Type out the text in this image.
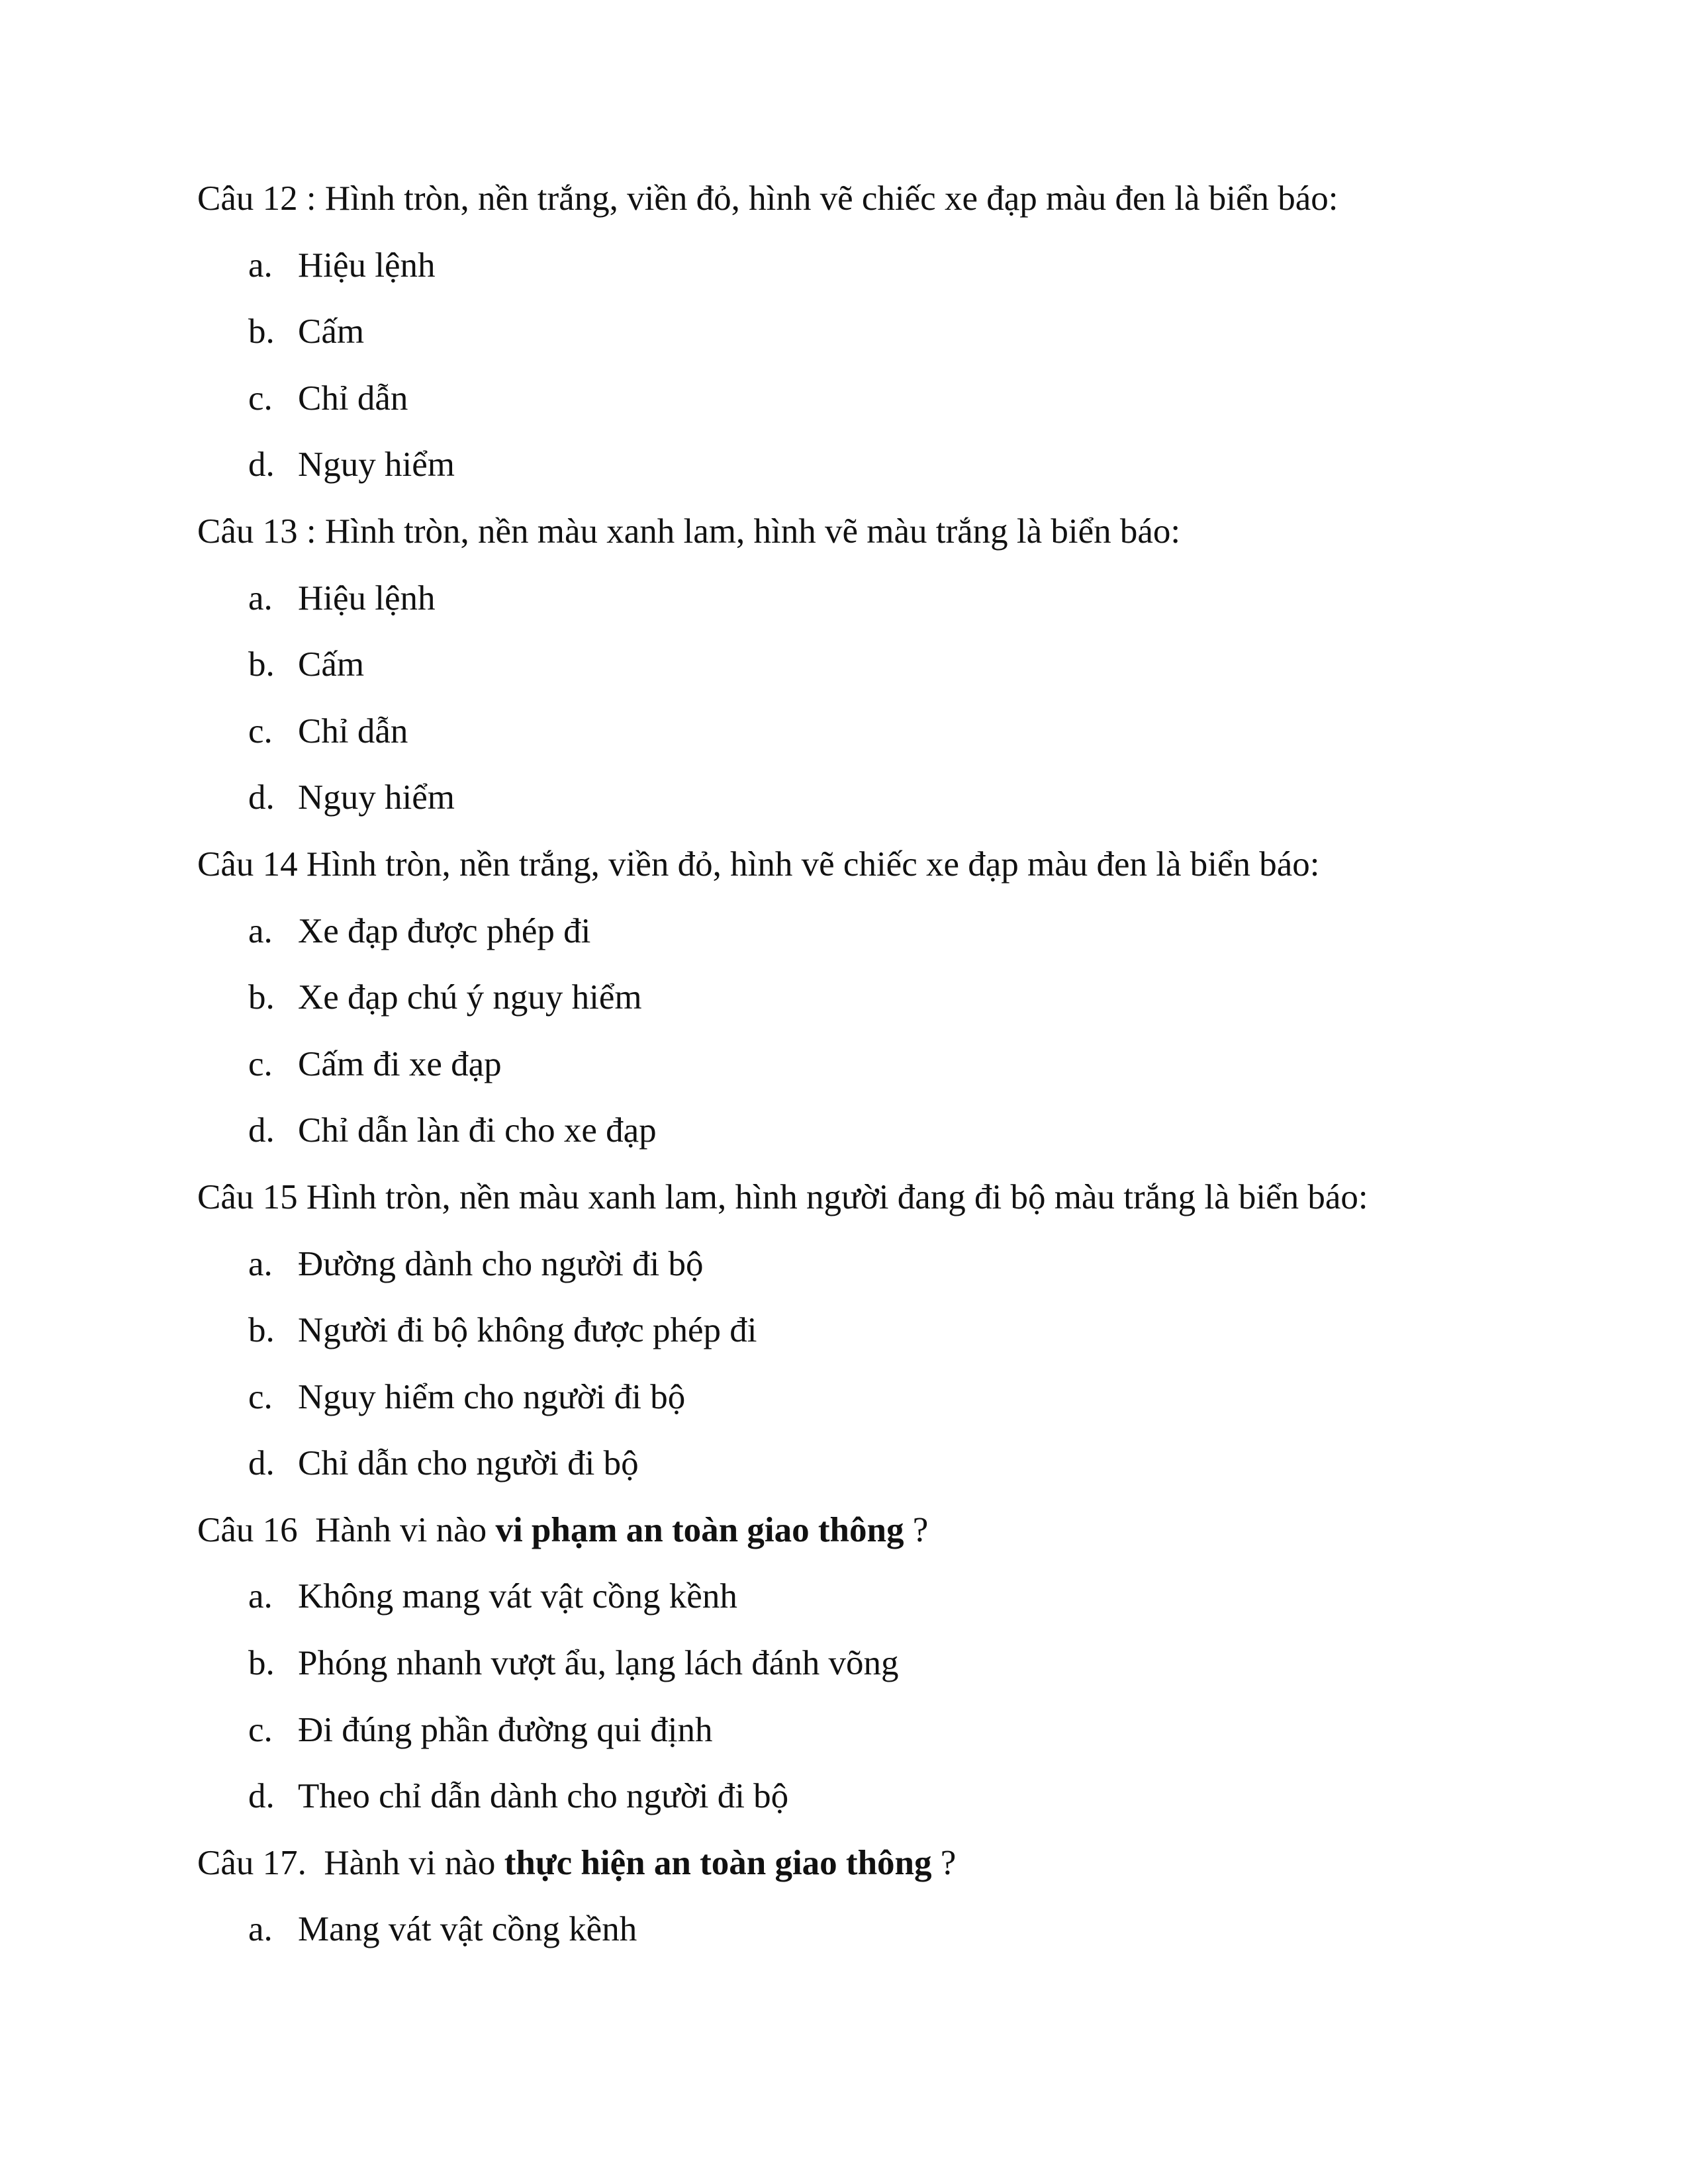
Câu 12 : Hình tròn, nền trắng, viền đỏ, hình vẽ chiếc xe đạp màu đen là biển báo:
a. Hiệu lệnh
b. Cấm
c. Chỉ dẫn
d. Nguy hiểm
Câu 13 : Hình tròn, nền màu xanh lam, hình vẽ màu trắng là biển báo:
a. Hiệu lệnh
b. Cấm
c. Chỉ dẫn
d. Nguy hiểm
Câu 14 Hình tròn, nền trắng, viền đỏ, hình vẽ chiếc xe đạp màu đen là biển báo:
a. Xe đạp được phép đi
b. Xe đạp chú ý nguy hiểm
c. Cấm đi xe đạp
d. Chỉ dẫn làn đi cho xe đạp
Câu 15 Hình tròn, nền màu xanh lam, hình người đang đi bộ màu trắng là biển báo:
a. Đường dành cho người đi bộ
b. Người đi bộ không được phép đi
c. Nguy hiểm cho người đi bộ
d. Chỉ dẫn cho người đi bộ
Câu 16  Hành vi nào vi phạm an toàn giao thông ?
a. Không mang vát vật cồng kềnh
b. Phóng nhanh vượt ẩu, lạng lách đánh võng
c. Đi đúng phần đường qui định
d. Theo chỉ dẫn dành cho người đi bộ
Câu 17.  Hành vi nào thực hiện an toàn giao thông ?
a. Mang vát vật cồng kềnh
